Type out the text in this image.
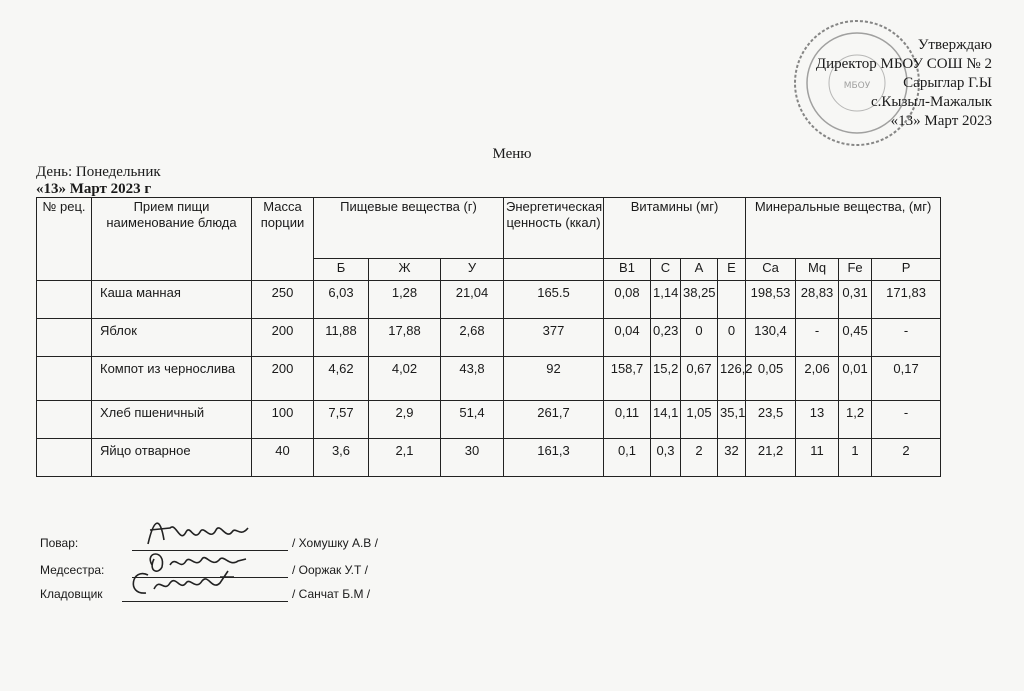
МБОУ
Утверждаю
Директор МБОУ СОШ № 2
Сарыглар Г.Ы
с.Кызыл-Мажалык
«13» Март 2023
Меню
День: Понедельник
«13» Март 2023 г
№ рец.	Прием пищи наименование блюда	Масса порции	Пищевые вещества (г)			Энергетическая ценность (ккал)	Витамины (мг)				Минеральные вещества, (мг)			
			Б	Ж	У		B1	C	A	E	Ca	Mq	Fe	P
	Каша манная	250	6,03	1,28	21,04	165.5	0,08	1,14	38,25		198,53	28,83	0,31	171,83
	Яблок	200	11,88	17,88	2,68	377	0,04	0,23	0	0	130,4	-	0,45	-
	Компот из чернослива	200	4,62	4,02	43,8	92	158,7	15,2	0,67	126,2	0,05	2,06	0,01	0,17
	Хлеб пшеничный	100	7,57	2,9	51,4	261,7	0,11	14,1	1,05	35,1	23,5	13	1,2	-
	Яйцо отварное	40	3,6	2,1	30	161,3	0,1	0,3	2	32	21,2	11	1	2
Повар:	/ Хомушку А.В /
Медсестра:	/ Ооржак У.Т /
Кладовщик	/ Санчат Б.М /
